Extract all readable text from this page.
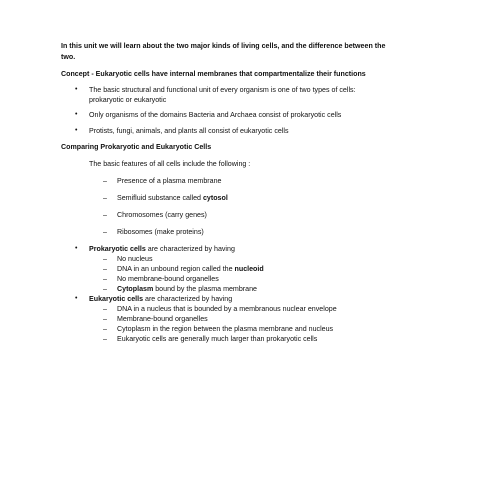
In this unit we will learn about the two major kinds of living cells, and the difference between the
two.
Concept - Eukaryotic cells have internal membranes that compartmentalize their functions
• The basic structural and functional unit of every organism is one of two types of cells:
prokaryotic or eukaryotic
• Only organisms of the domains Bacteria and Archaea consist of prokaryotic cells
• Protists, fungi, animals, and plants all consist of eukaryotic cells
Comparing Prokaryotic and Eukaryotic Cells
The basic features of all cells include the following :
– Presence of a plasma membrane
– Semifluid substance called cytosol
– Chromosomes (carry genes)
– Ribosomes (make proteins)
• Prokaryotic cells are characterized by having
– No nucleus
– DNA in an unbound region called the nucleoid
– No membrane-bound organelles
– Cytoplasm bound by the plasma membrane
• Eukaryotic cells are characterized by having
– DNA in a nucleus that is bounded by a membranous nuclear envelope
– Membrane-bound organelles
– Cytoplasm in the region between the plasma membrane and nucleus
– Eukaryotic cells are generally much larger than prokaryotic cells
